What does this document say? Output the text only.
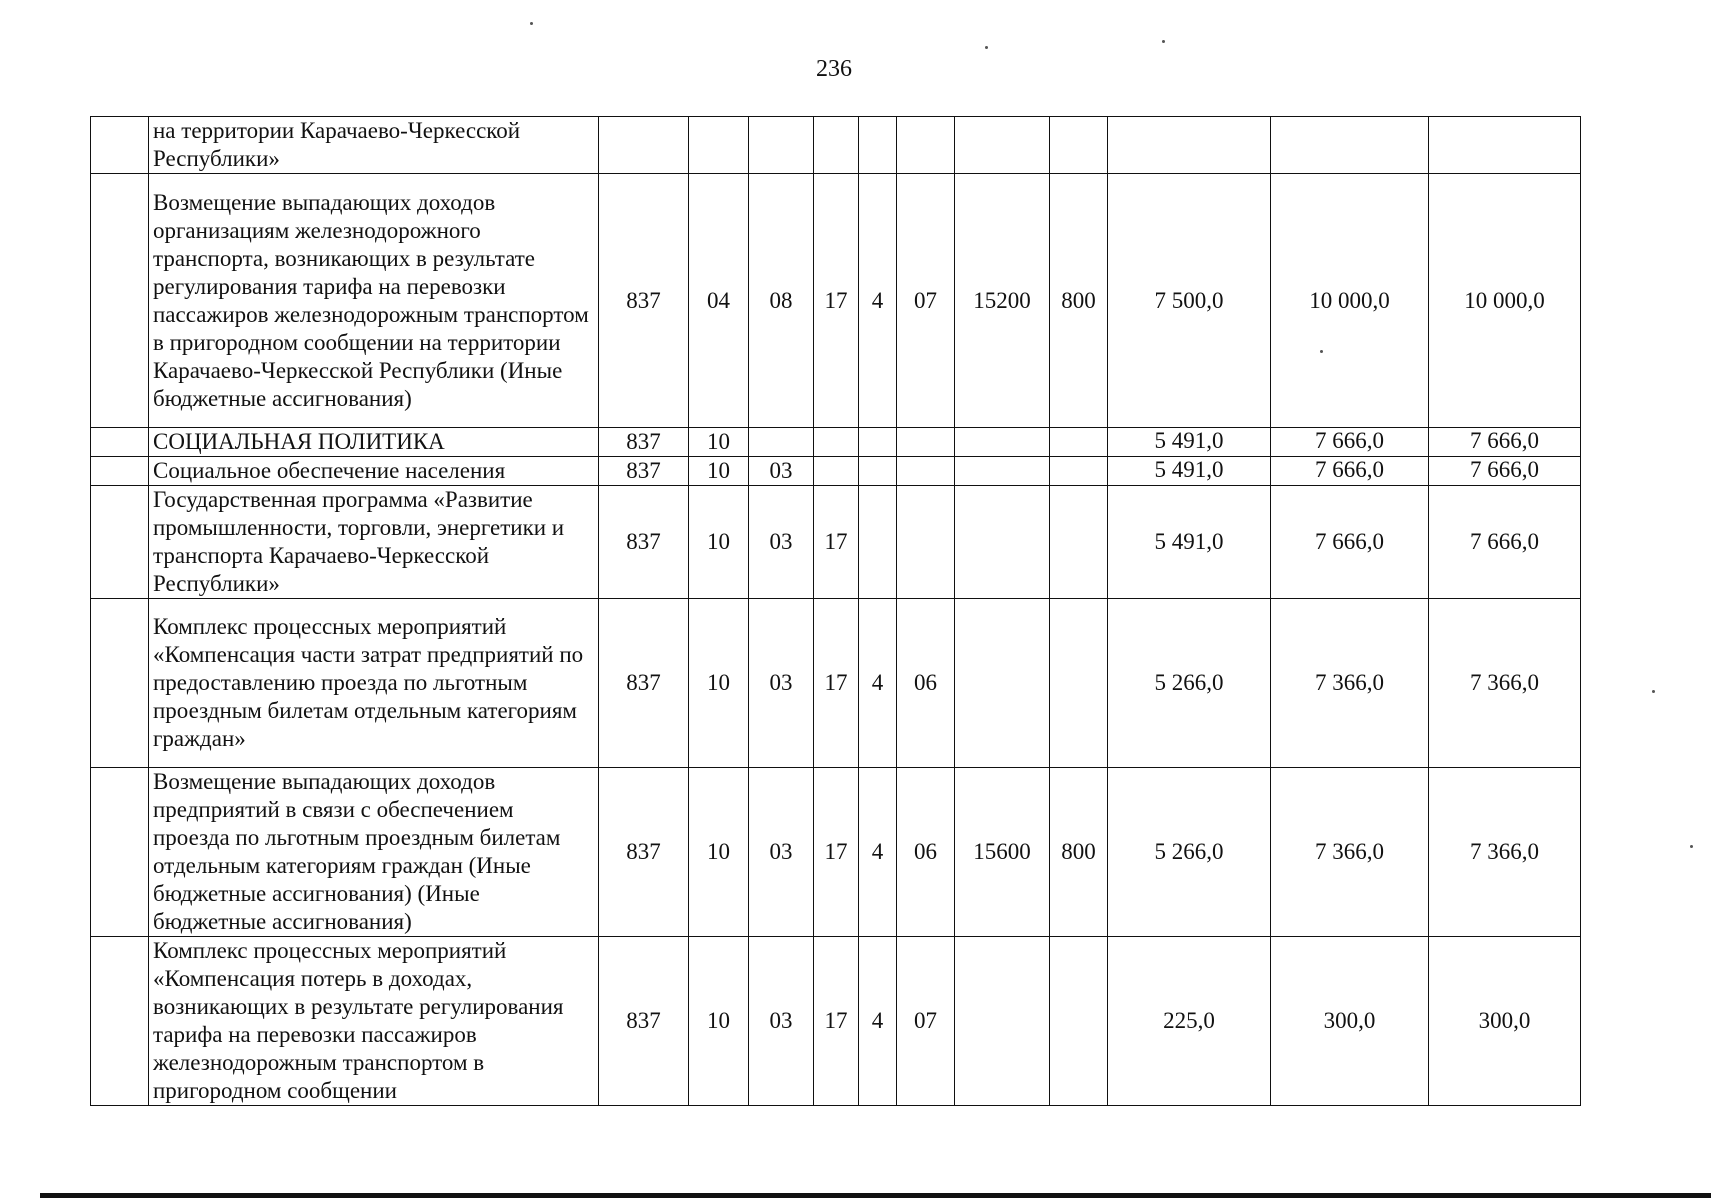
236
	на территории Карачаево-Черкесской Республики»											
	Возмещение выпадающих доходов организациям железнодорожного транспорта, возникающих в результате регулирования тарифа на перевозки пассажиров железнодорожным транспортом в пригородном сообщении на территории Карачаево-Черкесской Республики (Иные бюджетные ассигнования)	837	04	08	17	4	07	15200	800	7 500,0	10 000,0	10 000,0
	СОЦИАЛЬНАЯ ПОЛИТИКА	837	10							5 491,0	7 666,0	7 666,0
	Социальное обеспечение населения	837	10	03						5 491,0	7 666,0	7 666,0
	Государственная программа «Развитие промышленности, торговли, энергетики и транспорта Карачаево-Черкесской Республики»	837	10	03	17					5 491,0	7 666,0	7 666,0
	Комплекс процессных мероприятий «Компенсация части затрат предприятий по предоставлению проезда по льготным проездным билетам отдельным категориям граждан»	837	10	03	17	4	06			5 266,0	7 366,0	7 366,0
	Возмещение выпадающих доходов предприятий в связи с обеспечением проезда по льготным проездным билетам отдельным категориям граждан (Иные бюджетные ассигнования) (Иные бюджетные ассигнования)	837	10	03	17	4	06	15600	800	5 266,0	7 366,0	7 366,0
	Комплекс процессных мероприятий «Компенсация потерь в доходах, возникающих в результате регулирования тарифа на перевозки пассажиров железнодорожным транспортом в пригородном сообщении	837	10	03	17	4	07			225,0	300,0	300,0
